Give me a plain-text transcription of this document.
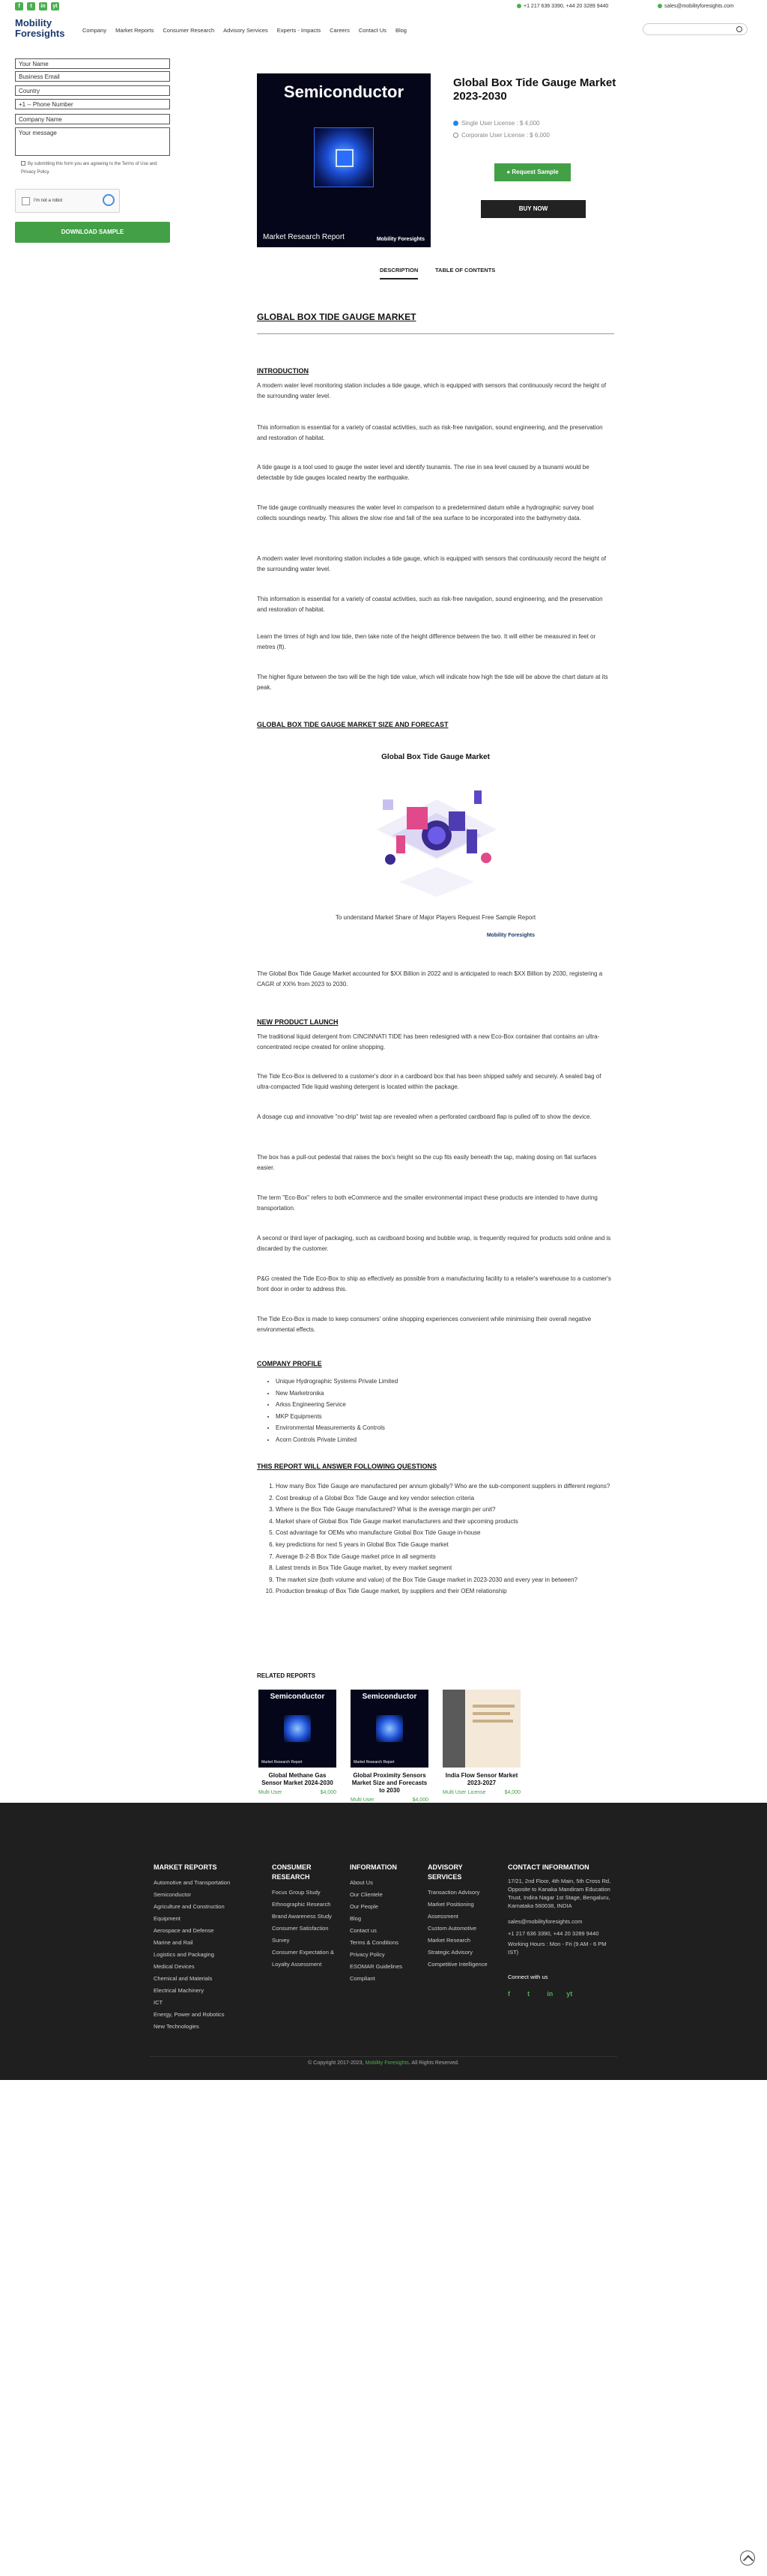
f	t	in	yt	+1 217 636 3390, +44 20 3289 9440	sales@mobilityforesights.com
Mobility
Foresights	Company Market Reports Consumer Research Advisory Services Experts - Impacts Careers Contact Us Blog
Your Name
Business Email
Country
+1 -- Phone Number
Company Name
Your message
By submitting this form you are agreeing to the Terms of Use and Privacy Policy.
I'm not a robot
DOWNLOAD SAMPLE
Semiconductor
Market Research Report	Mobility Foresights
Global Box Tide Gauge Market 2023-2030
Single User License : $ 4,000
Corporate User License : $ 6,000
● Request Sample
BUY NOW
DESCRIPTION	TABLE OF CONTENTS
GLOBAL BOX TIDE GAUGE MARKET
INTRODUCTION
A modern water level monitoring station includes a tide gauge, which is equipped with sensors that continuously record the height of the surrounding water level.
This information is essential for a variety of coastal activities, such as risk-free navigation, sound engineering, and the preservation and restoration of habitat.
A tide gauge is a tool used to gauge the water level and identify tsunamis. The rise in sea level caused by a tsunami would be detectable by tide gauges located nearby the earthquake.
The tide gauge continually measures the water level in comparison to a predetermined datum while a hydrographic survey boat collects soundings nearby. This allows the slow rise and fall of the sea surface to be incorporated into the bathymetry data.
A modern water level monitoring station includes a tide gauge, which is equipped with sensors that continuously record the height of the surrounding water level.
This information is essential for a variety of coastal activities, such as risk-free navigation, sound engineering, and the preservation and restoration of habitat.
Learn the times of high and low tide, then take note of the height difference between the two. It will either be measured in feet or metres (ft).
The higher figure between the two will be the high tide value, which will indicate how high the tide will be above the chart datum at its peak.
GLOBAL BOX TIDE GAUGE MARKET SIZE AND FORECAST
Global Box Tide Gauge Market
To understand Market Share of Major Players Request Free Sample Report
Mobility Foresights
The Global Box Tide Gauge Market accounted for $XX Billion in 2022 and is anticipated to reach $XX Billion by 2030, registering a CAGR of XX% from 2023 to 2030.
NEW PRODUCT LAUNCH
The traditional liquid detergent from CINCINNATI TIDE has been redesigned with a new Eco-Box container that contains an ultra-concentrated recipe created for online shopping.
The Tide Eco-Box is delivered to a customer's door in a cardboard box that has been shipped safely and securely. A sealed bag of ultra-compacted Tide liquid washing detergent is located within the package.
A dosage cup and innovative "no-drip" twist tap are revealed when a perforated cardboard flap is pulled off to show the device.
The box has a pull-out pedestal that raises the box's height so the cup fits easily beneath the tap, making dosing on flat surfaces easier.
The term "Eco-Box" refers to both eCommerce and the smaller environmental impact these products are intended to have during transportation.
A second or third layer of packaging, such as cardboard boxing and bubble wrap, is frequently required for products sold online and is discarded by the customer.
P&G created the Tide Eco-Box to ship as effectively as possible from a manufacturing facility to a retailer's warehouse to a customer's front door in order to address this.
The Tide Eco-Box is made to keep consumers' online shopping experiences convenient while minimising their overall negative environmental effects.
COMPANY PROFILE
• Unique Hydrographic Systems Private Limited
• New Marketronika
• Arkss Engineering Service
• MKP Equipments
• Environmental Measurements & Controls
• Acorn Controls Private Limited
THIS REPORT WILL ANSWER FOLLOWING QUESTIONS
1. How many Box Tide Gauge are manufactured per annum globally? Who are the sub-component suppliers in different regions?
2. Cost breakup of a Global Box Tide Gauge and key vendor selection criteria
3. Where is the Box Tide Gauge manufactured? What is the average margin per unit?
4. Market share of Global Box Tide Gauge market manufacturers and their upcoming products
5. Cost advantage for OEMs who manufacture Global Box Tide Gauge in-house
6. key predictions for next 5 years in Global Box Tide Gauge market
7. Average B-2-B Box Tide Gauge market price in all segments
8. Latest trends in Box Tide Gauge market, by every market segment
9. The market size (both volume and value) of the Box Tide Gauge market in 2023-2030 and every year in between?
10. Production breakup of Box Tide Gauge market, by suppliers and their OEM relationship
RELATED REPORTS
Semiconductor
Market Research Report
Global Methane Gas Sensor Market 2024-2030
Multi User	$4,000
Semiconductor
Market Research Report
Global Proximity Sensors Market Size and Forecasts to 2030
Multi User	$4,000
India Flow Sensor Market 2023-2027
Multi User License	$4,000
MARKET REPORTS
Automotive and Transportation
Semiconductor
Agriculture and Construction Equipment
Aerospace and Defense
Marine and Rail
Logistics and Packaging
Medical Devices
Chemical and Materials
Electrical Machinery
ICT
Energy, Power and Robotics
New Technologies
CONSUMER RESEARCH
Focus Group Study
Ethnographic Research
Brand Awareness Study
Consumer Satisfaction Survey
Consumer Expectation & Loyalty Assessment
INFORMATION
About Us
Our Clientele
Our People
Blog
Contact us
Terms & Conditions
Privacy Policy
ESOMAR Guidelines Compliant
ADVISORY SERVICES
Transaction Advisory
Market Positioning Assessment
Custom Automotive Market Research
Strategic Advisory
Competitive Intelligence
CONTACT INFORMATION
17/21, 2nd Floor, 4th Main, 5th Cross Rd, Opposite to Kanaka Mandiram Education Trust, Indira Nagar 1st Stage, Bengaluru, Karnataka 560038, INDIA
sales@mobilityforesights.com
+1 217 636 3390, +44 20 3289 9440
Working Hours : Mon - Fri (9 AM - 6 PM IST)
Connect with us
f	t	in yt
© Copyright 2017-2023, Mobility Foresights. All Rights Reserved.
